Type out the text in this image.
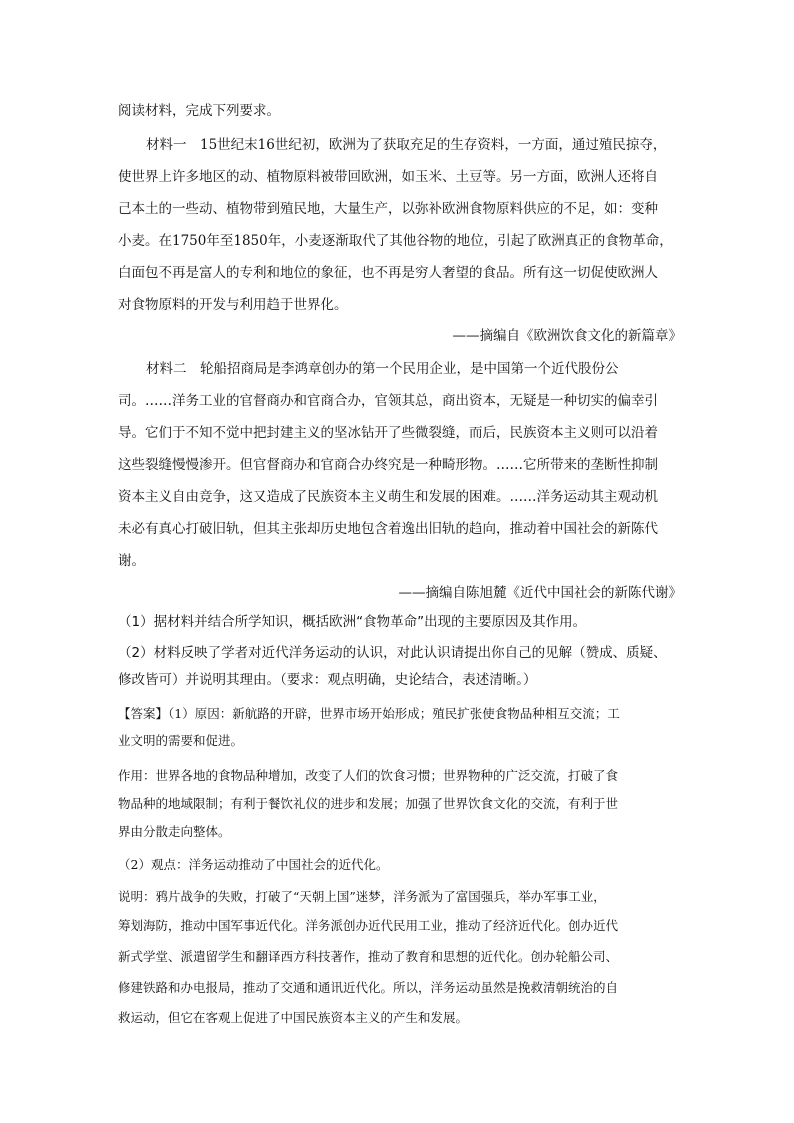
阅读材料，完成下列要求。
材料一　15世纪末16世纪初，欧洲为了获取充足的生存资料，一方面，通过殖民掠夺，
使世界上许多地区的动、植物原料被带回欧洲，如玉米、土豆等。另一方面，欧洲人还将自
己本土的一些动、植物带到殖民地，大量生产，以弥补欧洲食物原料供应的不足，如：变种
小麦。在1750年至1850年，小麦逐渐取代了其他谷物的地位，引起了欧洲真正的食物革命，
白面包不再是富人的专利和地位的象征，也不再是穷人奢望的食品。所有这一切促使欧洲人
对食物原料的开发与利用趋于世界化。
——摘编自《欧洲饮食文化的新篇章》
材料二　轮船招商局是李鸿章创办的第一个民用企业，是中国第一个近代股份公
司。……洋务工业的官督商办和官商合办，官领其总，商出资本，无疑是一种切实的偏幸引
导。它们于不知不觉中把封建主义的坚冰钻开了些微裂缝，而后，民族资本主义则可以沿着
这些裂缝慢慢渗开。但官督商办和官商合办终究是一种畸形物。……它所带来的垄断性抑制
资本主义自由竞争，这又造成了民族资本主义萌生和发展的困难。……洋务运动其主观动机
未必有真心打破旧轨，但其主张却历史地包含着逸出旧轨的趋向，推动着中国社会的新陈代
谢。
——摘编自陈旭麓《近代中国社会的新陈代谢》
（1）据材料并结合所学知识，概括欧洲“食物革命”出现的主要原因及其作用。
（2）材料反映了学者对近代洋务运动的认识，对此认识请提出你自己的见解（赞成、质疑、
修改皆可）并说明其理由。（要求：观点明确，史论结合，表述清晰。）
【答案】（1）原因：新航路的开辟，世界市场开始形成；殖民扩张使食物品种相互交流；工
业文明的需要和促进。
作用：世界各地的食物品种增加，改变了人们的饮食习惯；世界物种的广泛交流，打破了食
物品种的地域限制；有利于餐饮礼仪的进步和发展；加强了世界饮食文化的交流，有利于世
界由分散走向整体。
（2）观点：洋务运动推动了中国社会的近代化。
说明：鸦片战争的失败，打破了“天朝上国”迷梦，洋务派为了富国强兵，举办军事工业，
筹划海防，推动中国军事近代化。洋务派创办近代民用工业，推动了经济近代化。创办近代
新式学堂、派遣留学生和翻译西方科技著作，推动了教育和思想的近代化。创办轮船公司、
修建铁路和办电报局，推动了交通和通讯近代化。所以，洋务运动虽然是挽救清朝统治的自
救运动，但它在客观上促进了中国民族资本主义的产生和发展。
